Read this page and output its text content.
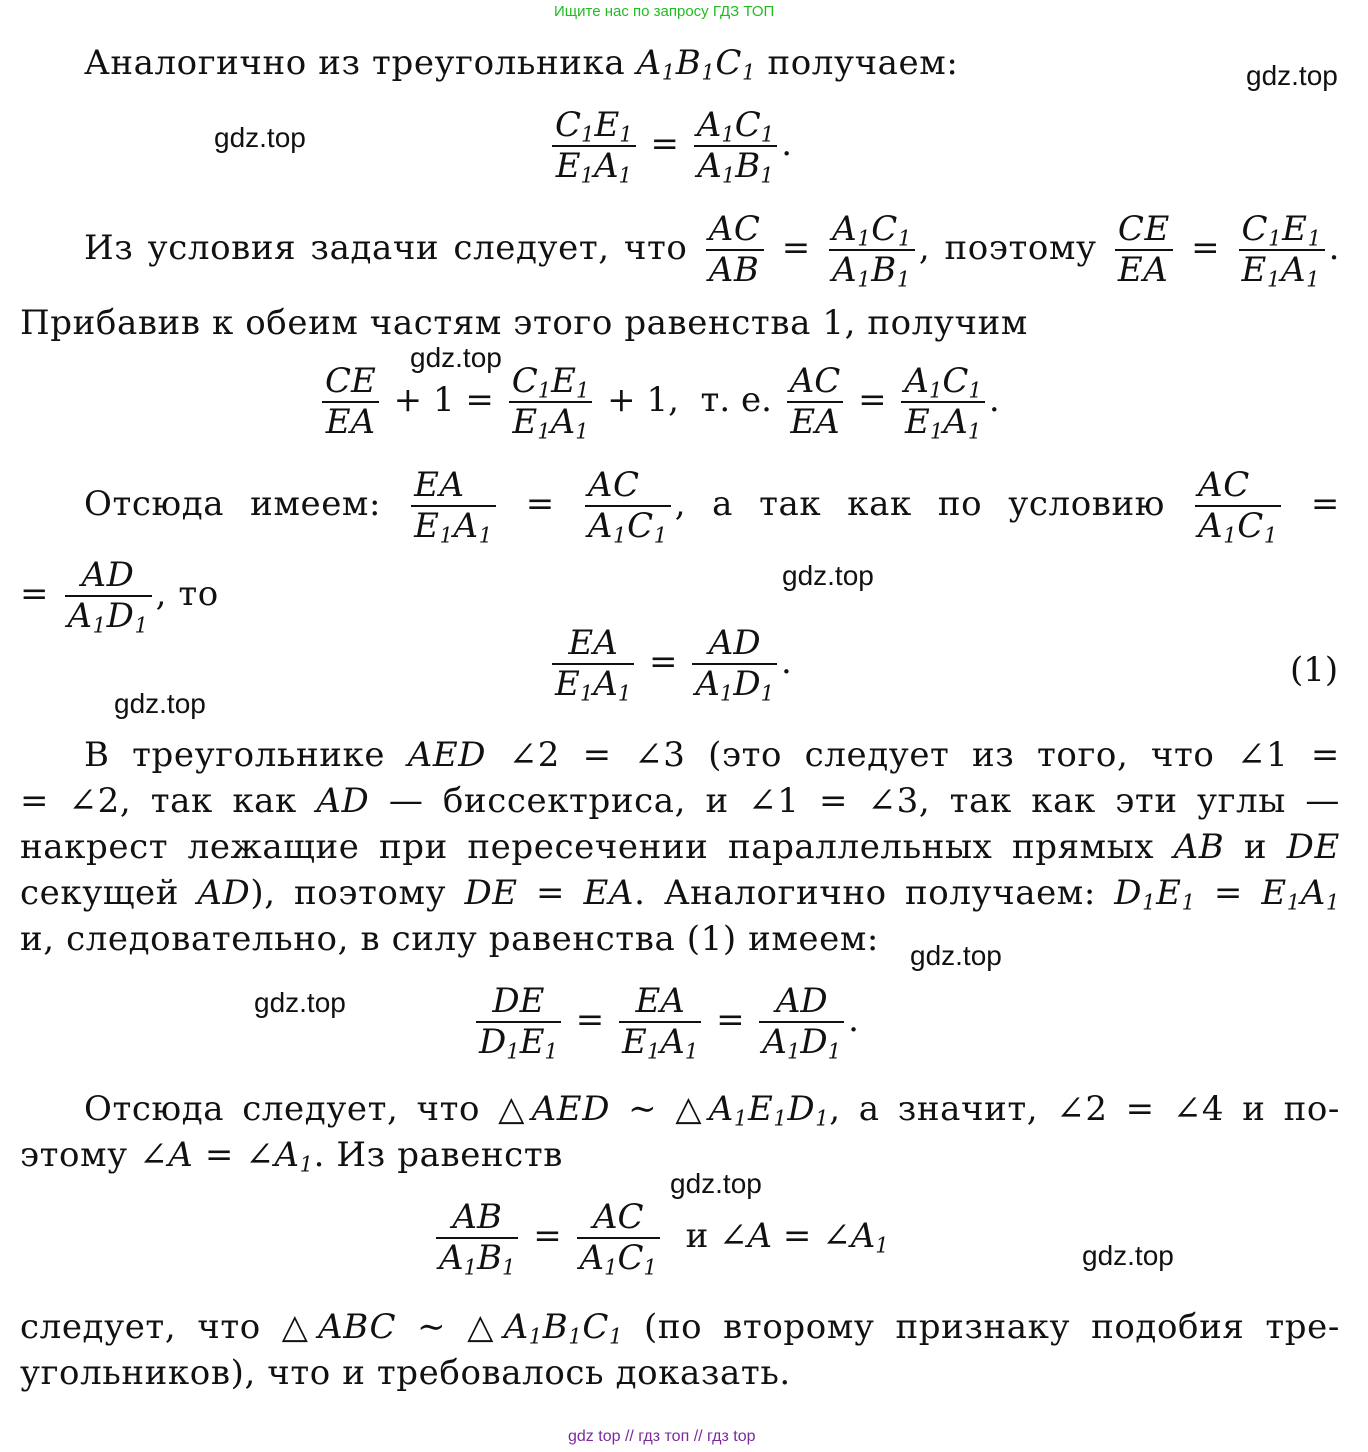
Ищите нас по запросу ГДЗ ТОП
gdz.top
gdz.top
gdz.top
gdz.top
gdz.top
gdz.top
gdz.top
gdz.top
gdz.top
Аналогично из треугольника $A_1B_1C_1$ получаем:
$\frac{C_1E_1}{E_1A_1} = \frac{A_1C_1}{A_1B_1}$ .
Из условия задачи следует, что $\frac{AC}{AB} = \frac{A_1C_1}{A_1B_1}$ , поэтому $\frac{CE}{EA} = \frac{C_1E_1}{E_1A_1}$ .
Прибавив к обеим частям этого равенства 1, получим
$\frac{CE}{EA} + 1 = \frac{C_1E_1}{E_1A_1} + 1$,  т. е. $\frac{AC}{EA} = \frac{A_1C_1}{E_1A_1}$ .
Отсюда имеем: $\frac{EA}{E_1A_1} = \frac{AC}{A_1C_1}$ , а так как по условию $\frac{AC}{A_1C_1}$ =
= $\frac{AD}{A_1D_1}$ , то
$\frac{EA}{E_1A_1} = \frac{AD}{A_1D_1}$ .	(1)
В треугольнике AED ∠2 = ∠3 (это следует из того, что ∠1 =
= ∠2, так как AD — биссектриса, и ∠1 = ∠3, так как эти углы —
накрест лежащие при пересечении параллельных прямых AB и DE
секущей AD), поэтому DE = EA. Аналогично получаем: $D_1E_1 = E_1A_1$
и, следовательно, в силу равенства (1) имеем:
$\frac{DE}{D_1E_1} = \frac{EA}{E_1A_1} = \frac{AD}{A_1D_1}$ .
Отсюда следует, что △AED ∼ $\triangle A_1E_1D_1$, а значит, ∠2 = ∠4 и по-
этому ∠A = $\angle A_1$. Из равенств
$\frac{AB}{A_1B_1} = \frac{AC}{A_1C_1}$ и ∠A = $\angle A_1$
следует, что △ABC ∼ $\triangle A_1B_1C_1$ (по второму признаку подобия тре-
угольников), что и требовалось доказать.
gdz top // гдз топ // гдз top
